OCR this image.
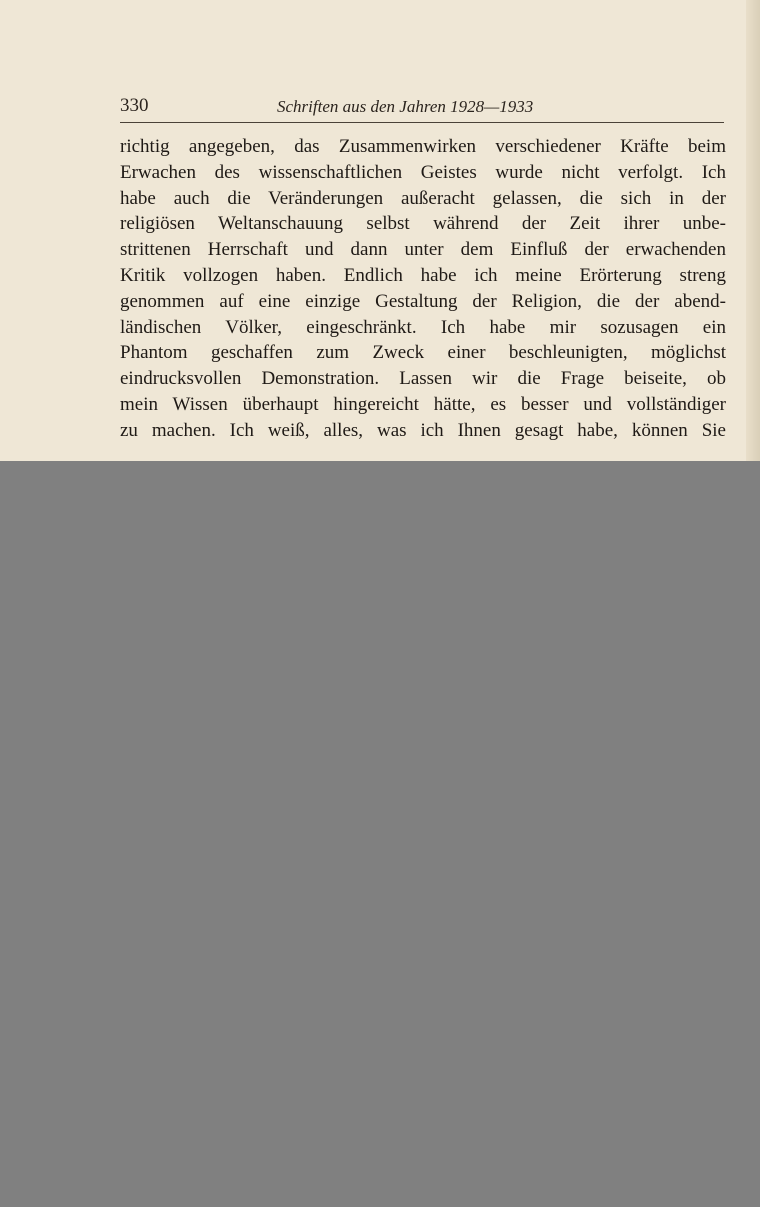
330	Schriften aus den Jahren 1928—1933
richtig angegeben, das Zusammenwirken verschiedener Kräfte beim
Erwachen des wissenschaftlichen Geistes wurde nicht verfolgt. Ich
habe auch die Veränderungen außeracht gelassen, die sich in der
religiösen Weltanschauung selbst während der Zeit ihrer unbe-
strittenen Herrschaft und dann unter dem Einfluß der erwachenden
Kritik vollzogen haben. Endlich habe ich meine Erörterung streng
genommen auf eine einzige Gestaltung der Religion, die der abend-
ländischen Völker, eingeschränkt. Ich habe mir sozusagen ein
Phantom geschaffen zum Zweck einer beschleunigten, möglichst
eindrucksvollen Demonstration. Lassen wir die Frage beiseite, ob
mein Wissen überhaupt hingereicht hätte, es besser und vollständiger
zu machen. Ich weiß, alles, was ich Ihnen gesagt habe, können Sie
